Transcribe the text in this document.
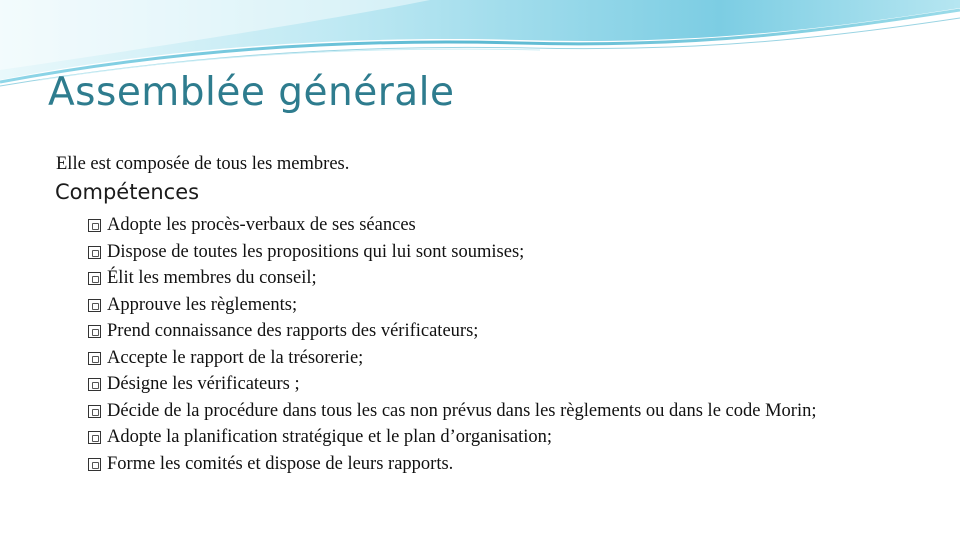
Assemblée générale
Elle est composée de tous les membres.
Compétences
Adopte les procès-verbaux de ses séances
Dispose de toutes les propositions qui lui sont soumises;
Élit les membres du conseil;
Approuve les règlements;
Prend connaissance des rapports des vérificateurs;
Accepte le rapport de la trésorerie;
Désigne les vérificateurs ;
Décide de la procédure dans tous les cas non prévus dans les règlements ou dans le code Morin;
Adopte la planification stratégique et le plan d’organisation;
Forme les comités et dispose de leurs rapports.
